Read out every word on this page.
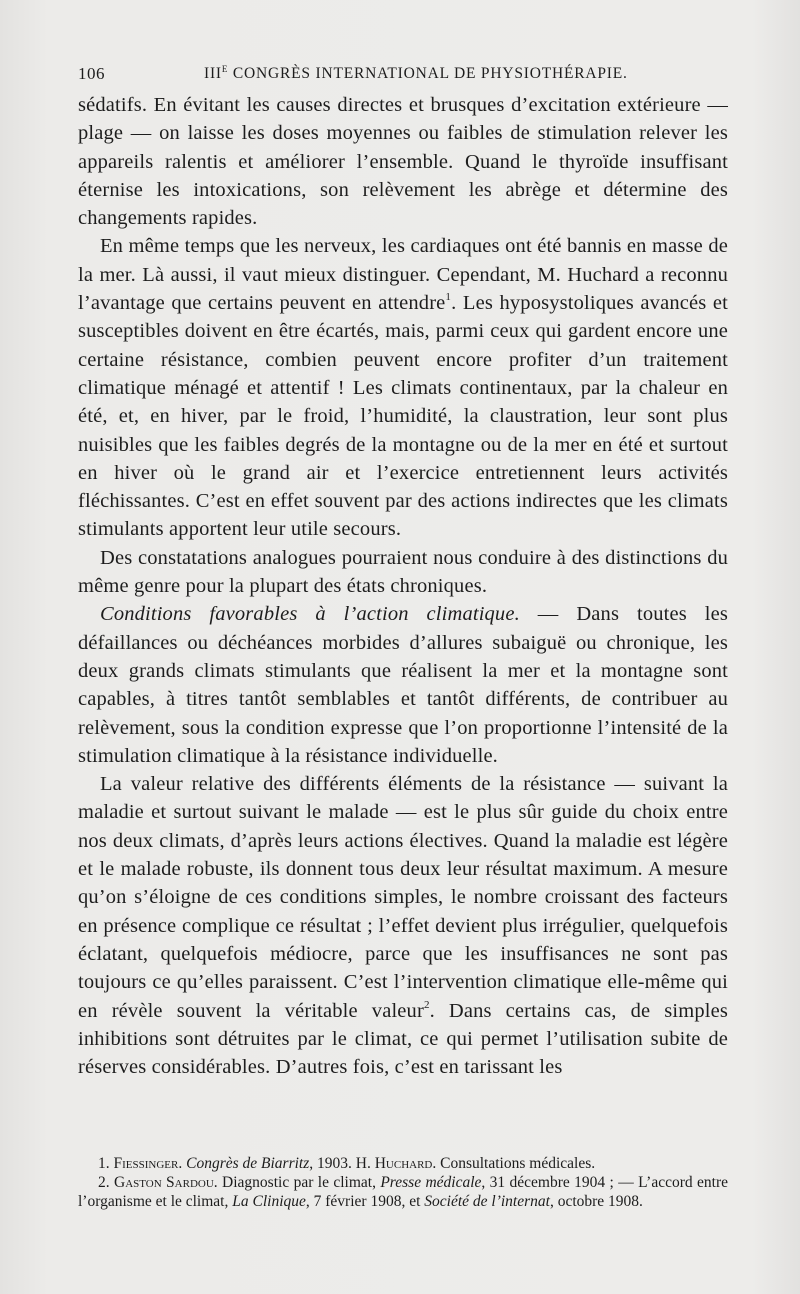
106	$III^E$ CONGRÈS INTERNATIONAL DE PHYSIOTHÉRAPIE.

sédatifs. En évitant les causes directes et brusques d’excitation extérieure — plage — on laisse les doses moyennes ou faibles de stimulation relever les appareils ralentis et améliorer l’ensemble. Quand le thyroïde insuffisant éternise les intoxications, son relèvement les abrège et détermine des changements rapides.

En même temps que les nerveux, les cardiaques ont été bannis en masse de la mer. Là aussi, il vaut mieux distinguer. Cependant, M. Huchard a reconnu l’avantage que certains peuvent en attendre$^1$. Les hyposystoliques avancés et susceptibles doivent en être écartés, mais, parmi ceux qui gardent encore une certaine résistance, combien peuvent encore profiter d’un traitement climatique ménagé et attentif ! Les climats continentaux, par la chaleur en été, et, en hiver, par le froid, l’humidité, la claustration, leur sont plus nuisibles que les faibles degrés de la montagne ou de la mer en été et surtout en hiver où le grand air et l’exercice entretiennent leurs activités fléchissantes. C’est en effet souvent par des actions indirectes que les climats stimulants apportent leur utile secours.

Des constatations analogues pourraient nous conduire à des distinctions du même genre pour la plupart des états chroniques.

Conditions favorables à l’action climatique. — Dans toutes les défaillances ou déchéances morbides d’allures subaiguë ou chronique, les deux grands climats stimulants que réalisent la mer et la montagne sont capables, à titres tantôt semblables et tantôt différents, de contribuer au relèvement, sous la condition expresse que l’on proportionne l’intensité de la stimulation climatique à la résistance individuelle.

La valeur relative des différents éléments de la résistance — suivant la maladie et surtout suivant le malade — est le plus sûr guide du choix entre nos deux climats, d’après leurs actions électives. Quand la maladie est légère et le malade robuste, ils donnent tous deux leur résultat maximum. A mesure qu’on s’éloigne de ces conditions simples, le nombre croissant des facteurs en présence complique ce résultat ; l’effet devient plus irrégulier, quelquefois éclatant, quelquefois médiocre, parce que les insuffisances ne sont pas toujours ce qu’elles paraissent. C’est l’intervention climatique elle-même qui en révèle souvent la véritable valeur$^2$. Dans certains cas, de simples inhibitions sont détruites par le climat, ce qui permet l’utilisation subite de réserves considérables. D’autres fois, c’est en tarissant les

1. Fiessinger. Congrès de Biarritz, 1903. H. Huchard. Consultations médicales.

2. Gaston Sardou. Diagnostic par le climat, Presse médicale, 31 décembre 1904 ; — L’accord entre l’organisme et le climat, La Clinique, 7 février 1908, et Société de l’internat, octobre 1908.
